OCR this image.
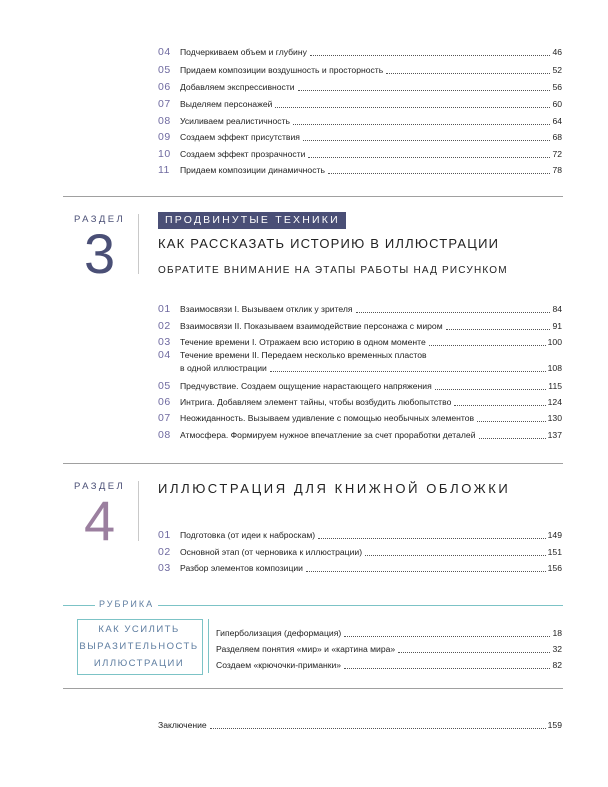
04	Подчеркиваем объем и глубину	46
05	Придаем композиции воздушность и просторность	52
06	Добавляем экспрессивности	56
07	Выделяем персонажей	60
08	Усиливаем реалистичность	64
09	Создаем эффект присутствия	68
10	Создаем эффект прозрачности	72
11	Придаем композиции динамичность	78
РАЗДЕЛ
3
ПРОДВИНУТЫЕ ТЕХНИКИ
КАК РАССКАЗАТЬ ИСТОРИЮ В ИЛЛЮСТРАЦИИ
ОБРАТИТЕ ВНИМАНИЕ НА ЭТАПЫ РАБОТЫ НАД РИСУНКОМ
01	Взаимосвязи I. Вызываем отклик у зрителя	84
02	Взаимосвязи II. Показываем взаимодействие персонажа с миром	91
03	Течение времени I. Отражаем всю историю в одном моменте	100
04	Течение времени II. Передаем несколько временных пластов
в одной иллюстрации	108
05	Предчувствие. Создаем ощущение нарастающего напряжения	115
06	Интрига. Добавляем элемент тайны, чтобы возбудить любопытство	124
07	Неожиданность. Вызываем удивление с помощью необычных элементов	130
08	Атмосфера. Формируем нужное впечатление за счет проработки деталей	137
РАЗДЕЛ
4
ИЛЛЮСТРАЦИЯ ДЛЯ КНИЖНОЙ ОБЛОЖКИ
01	Подготовка (от идеи к наброскам)	149
02	Основной этап (от черновика к иллюстрации)	151
03	Разбор элементов композиции	156
РУБРИКА
КАК УСИЛИТЬ
ВЫРАЗИТЕЛЬНОСТЬ
ИЛЛЮСТРАЦИИ
Гиперболизация (деформация)	18
Разделяем понятия «мир» и «картина мира»	32
Создаем «крючочки-приманки»	82
Заключение	159
